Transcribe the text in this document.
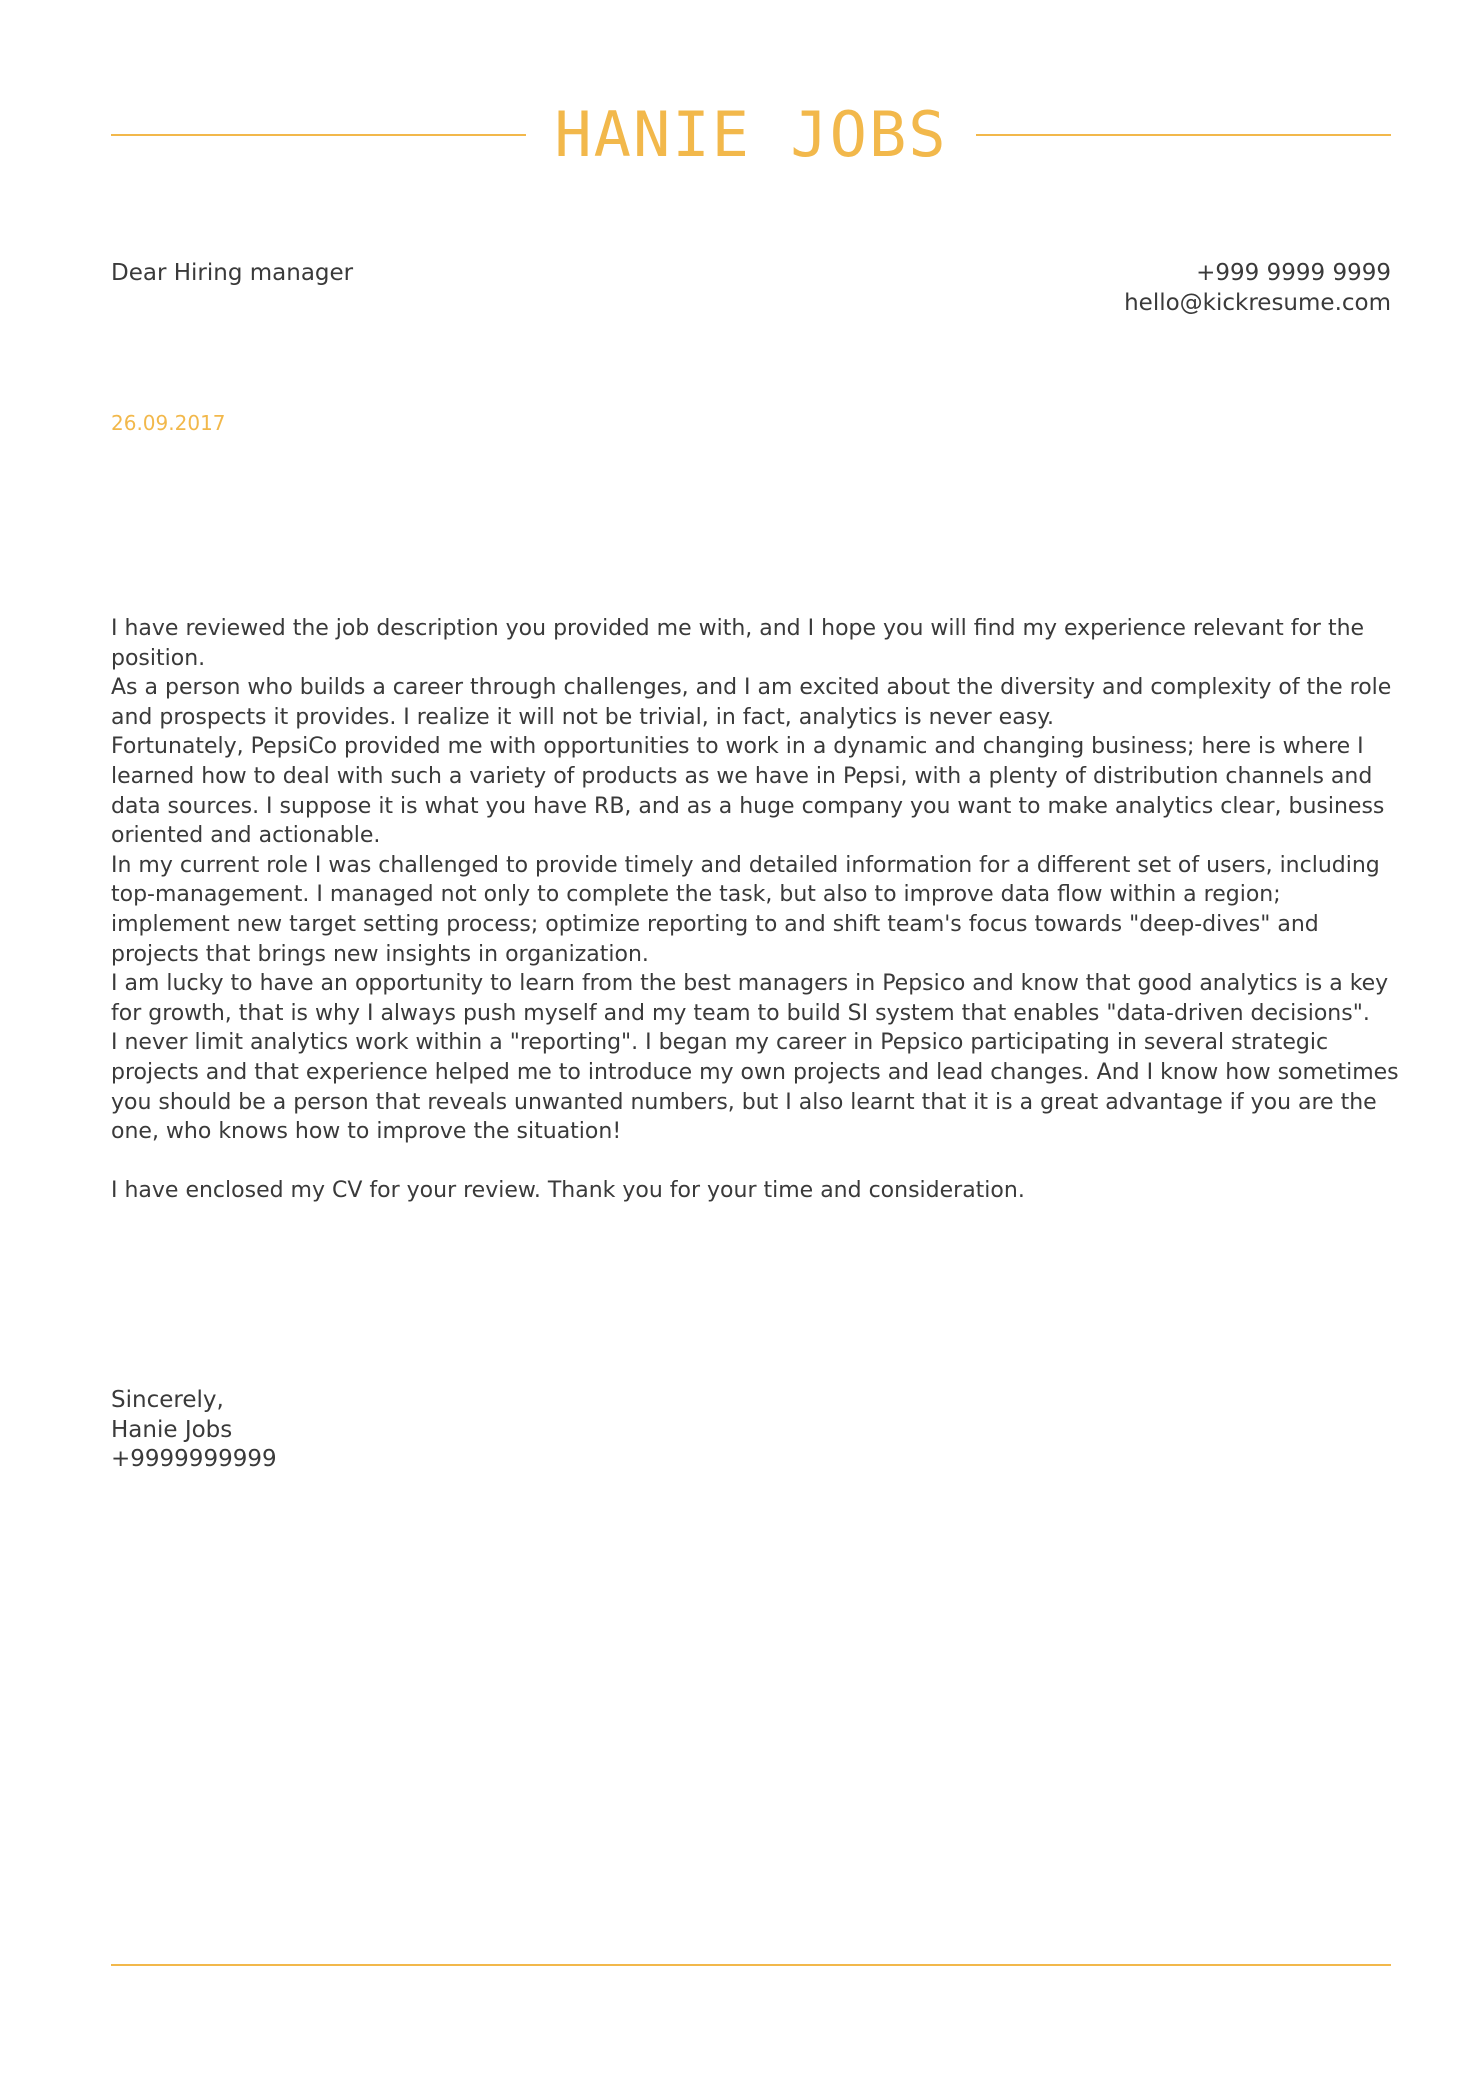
HANIE JOBS
Dear Hiring manager	+999 9999 9999
hello@kickresume.com
26.09.2017

I have reviewed the job description you provided me with, and I hope you will find my experience relevant for the position.

As a person who builds a career through challenges, and I am excited about the diversity and complexity of the role and prospects it provides. I realize it will not be trivial, in fact, analytics is never easy.

Fortunately, PepsiCo provided me with opportunities to work in a dynamic and changing business; here is where I learned how to deal with such a variety of products as we have in Pepsi, with a plenty of distribution channels and data sources. I suppose it is what you have RB, and as a huge company you want to make analytics clear, business oriented and actionable.

In my current role I was challenged to provide timely and detailed information for a different set of users, including top-management. I managed not only to complete the task, but also to improve data flow within a region; implement new target setting process; optimize reporting to and shift team's focus towards "deep-dives" and projects that brings new insights in organization.

I am lucky to have an opportunity to learn from the best managers in Pepsico and know that good analytics is a key for growth, that is why I always push myself and my team to build SI system that enables "data-driven decisions".

I never limit analytics work within a "reporting". I began my career in Pepsico participating in several strategic projects and that experience helped me to introduce my own projects and lead changes. And I know how sometimes you should be a person that reveals unwanted numbers, but I also learnt that it is a great advantage if you are the one, who knows how to improve the situation!

I have enclosed my CV for your review. Thank you for your time and consideration.

Sincerely,
Hanie Jobs
+9999999999
